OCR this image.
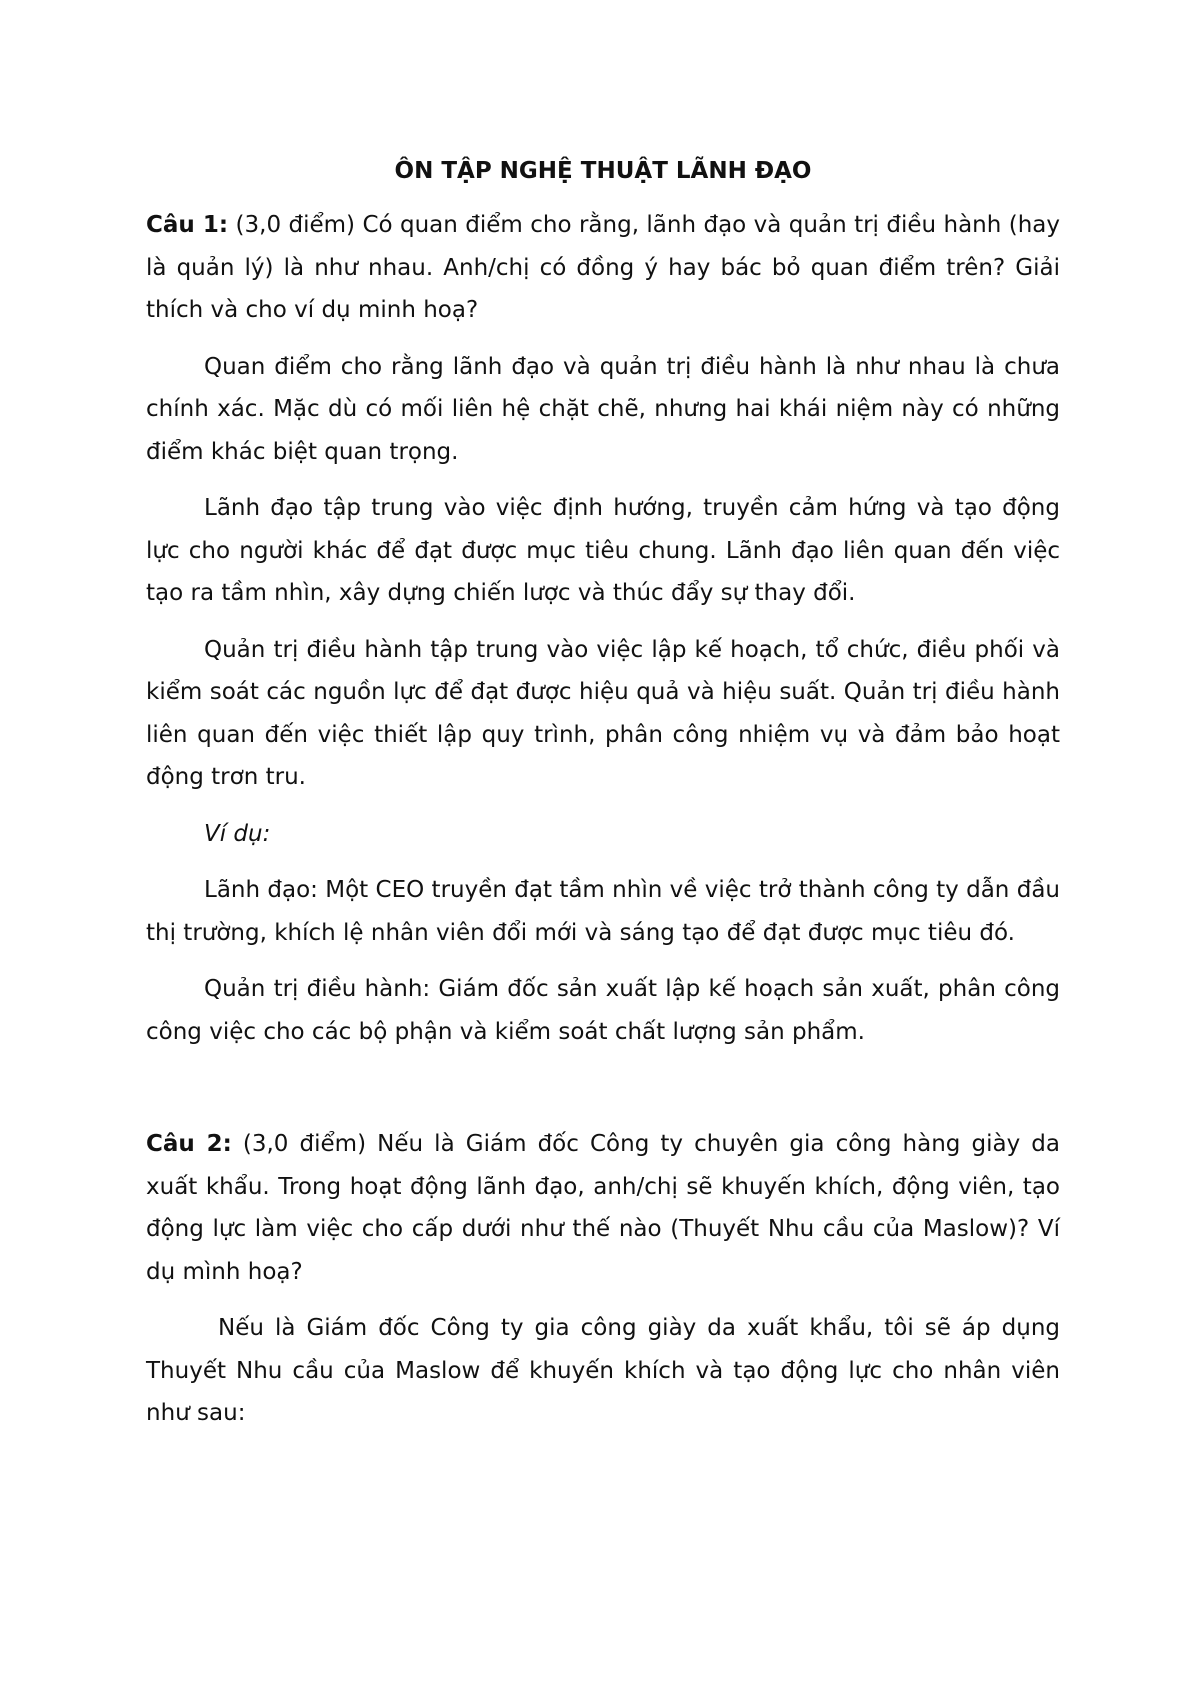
ÔN TẬP NGHỆ THUẬT LÃNH ĐẠO

Câu 1: (3,0 điểm) Có quan điểm cho rằng, lãnh đạo và quản trị điều hành (hay là quản lý) là như nhau. Anh/chị có đồng ý hay bác bỏ quan điểm trên? Giải thích và cho ví dụ minh hoạ?

Quan điểm cho rằng lãnh đạo và quản trị điều hành là như nhau là chưa chính xác. Mặc dù có mối liên hệ chặt chẽ, nhưng hai khái niệm này có những điểm khác biệt quan trọng.

Lãnh đạo tập trung vào việc định hướng, truyền cảm hứng và tạo động lực cho người khác để đạt được mục tiêu chung. Lãnh đạo liên quan đến việc tạo ra tầm nhìn, xây dựng chiến lược và thúc đẩy sự thay đổi.

Quản trị điều hành tập trung vào việc lập kế hoạch, tổ chức, điều phối và kiểm soát các nguồn lực để đạt được hiệu quả và hiệu suất. Quản trị điều hành liên quan đến việc thiết lập quy trình, phân công nhiệm vụ và đảm bảo hoạt động trơn tru.

Ví dụ:

Lãnh đạo: Một CEO truyền đạt tầm nhìn về việc trở thành công ty dẫn đầu thị trường, khích lệ nhân viên đổi mới và sáng tạo để đạt được mục tiêu đó.

Quản trị điều hành: Giám đốc sản xuất lập kế hoạch sản xuất, phân công công việc cho các bộ phận và kiểm soát chất lượng sản phẩm.

Câu 2: (3,0 điểm) Nếu là Giám đốc Công ty chuyên gia công hàng giày da xuất khẩu. Trong hoạt động lãnh đạo, anh/chị sẽ khuyến khích, động viên, tạo động lực làm việc cho cấp dưới như thế nào (Thuyết Nhu cầu của Maslow)? Ví dụ mình hoạ?

Nếu là Giám đốc Công ty gia công giày da xuất khẩu, tôi sẽ áp dụng Thuyết Nhu cầu của Maslow để khuyến khích và tạo động lực cho nhân viên như sau:
